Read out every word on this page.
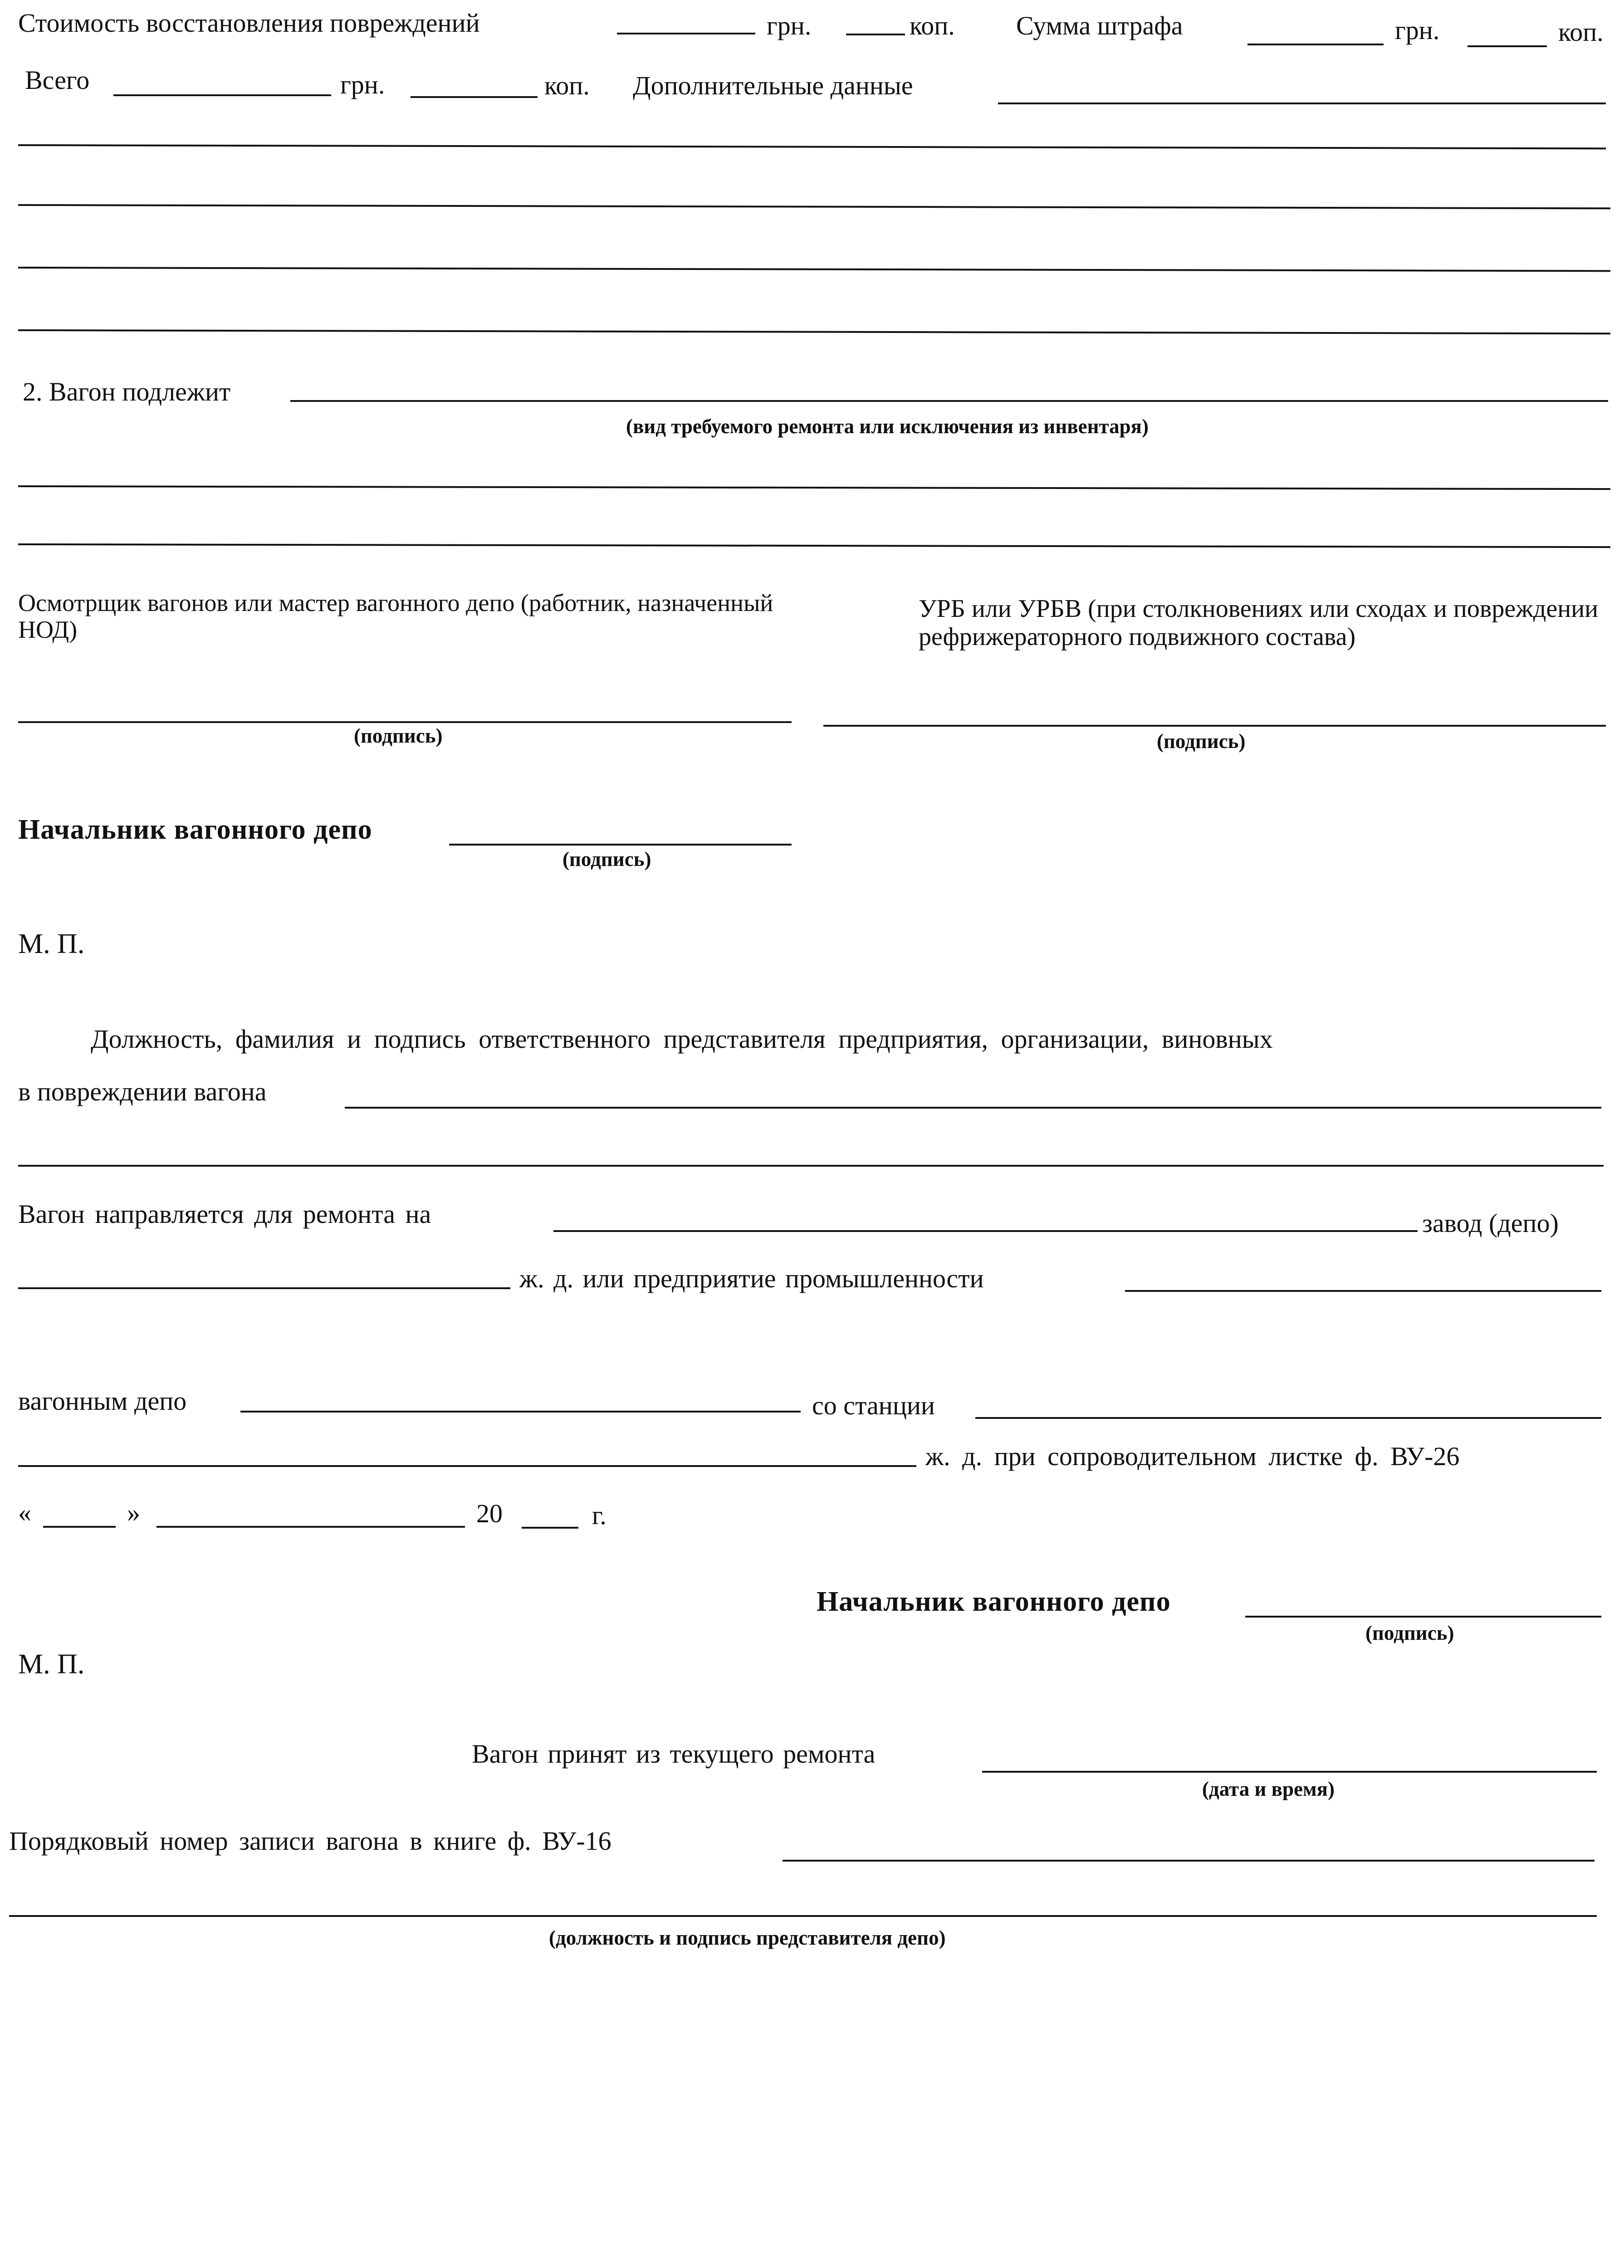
Стоимость восстановления повреждений	грн.	коп. Сумма штрафа	грн.	коп.
Всего	грн.	коп. Дополнительные данные
2. Вагон подлежит
(вид требуемого ремонта или исключения из инвентаря)
Осмотрщик вагонов или мастер вагонного депо (работник, назначенный НОД)
УРБ или УРБВ (при столкновениях или сходах и повреждении рефрижераторного подвижного состава)
(подпись)	(подпись)
Начальник вагонного депо
(подпись)
М. П.
Должность, фамилия и подпись ответственного представителя предприятия, организации, виновных
в повреждении вагона
Вагон направляется для ремонта на	завод (депо)
ж. д. или предприятие промышленности
вагонным депо	со станции
ж. д. при сопроводительном листке ф. ВУ-26
«	»	20	г.
Начальник вагонного депо
(подпись)
М. П.
Вагон принят из текущего ремонта
(дата и время)
Порядковый номер записи вагона в книге ф. ВУ-16
(должность и подпись представителя депо)
